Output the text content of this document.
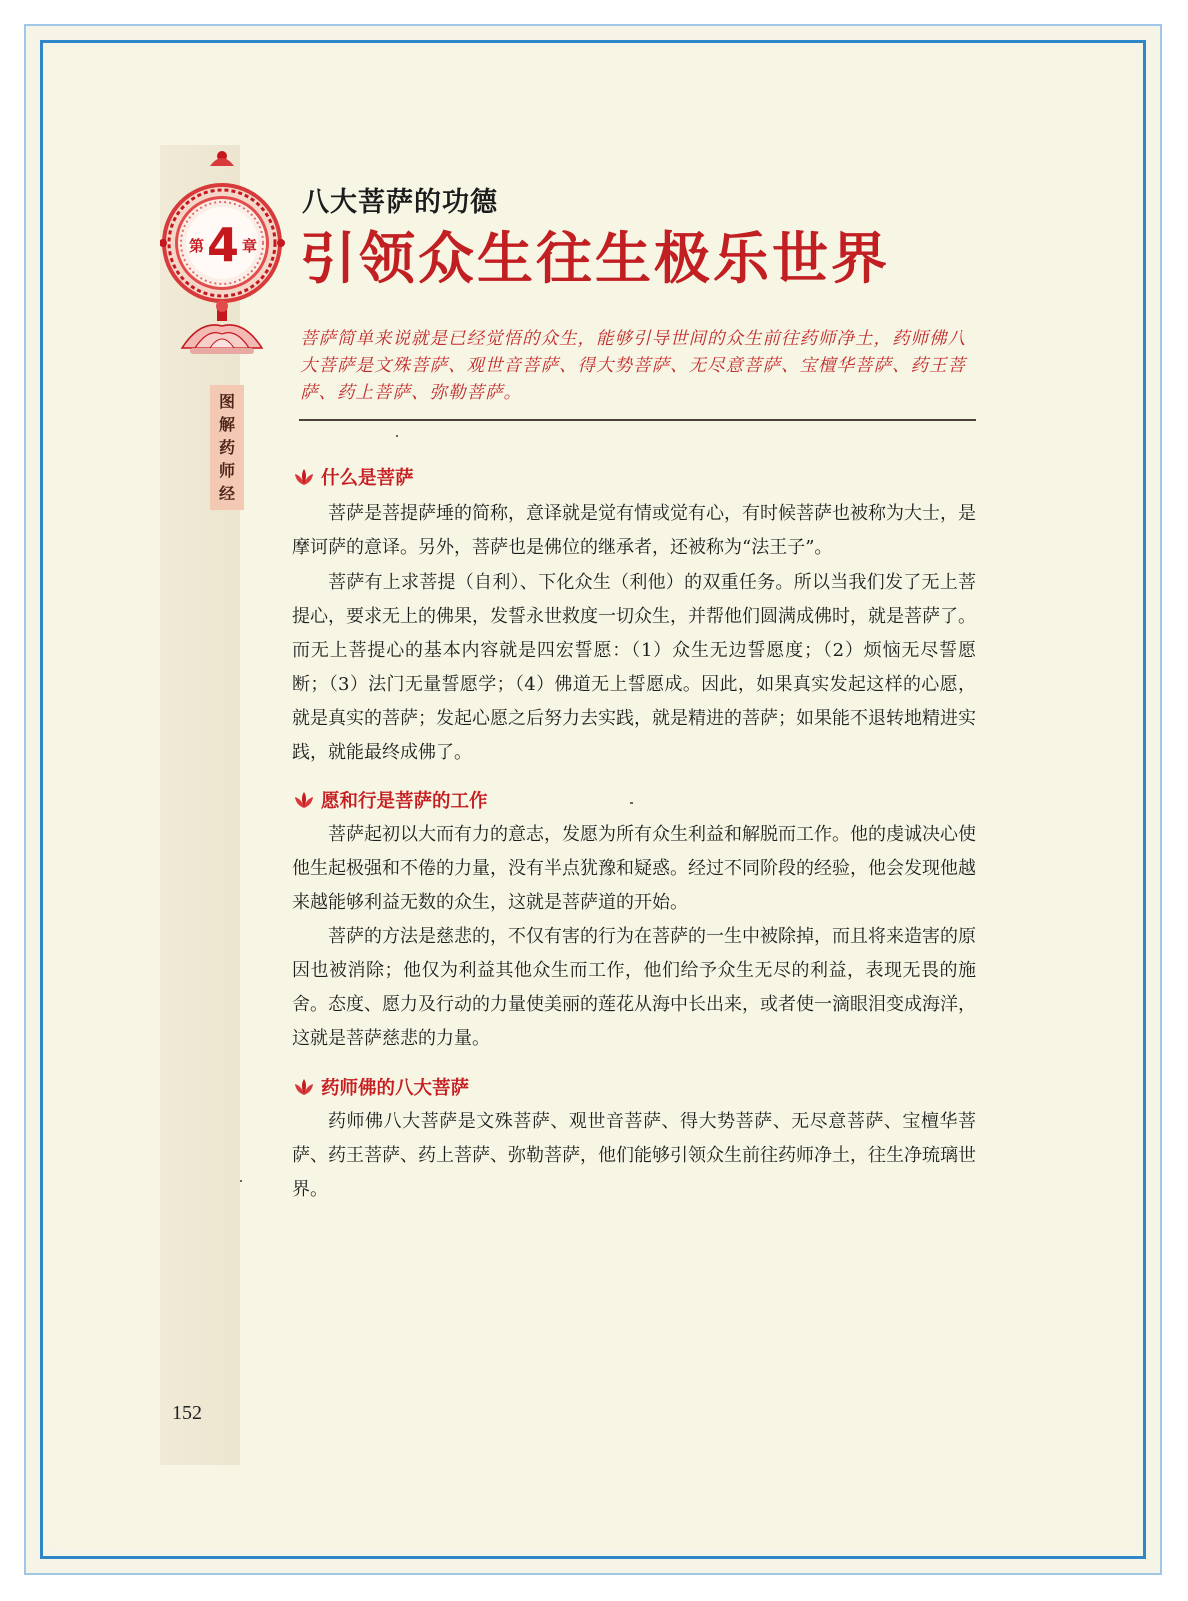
第 4 章
图
解
药
师
经
八大菩萨的功德
引领众生往生极乐世界
菩萨简单来说就是已经觉悟的众生，能够引导世间的众生前往药师净土，药师佛八大菩萨是文殊菩萨、观世音菩萨、得大势菩萨、无尽意菩萨、宝檀华菩萨、药王菩萨、药上菩萨、弥勒菩萨。
什么是菩萨

菩萨是菩提萨埵的简称，意译就是觉有情或觉有心，有时候菩萨也被称为大士，是摩诃萨的意译。另外，菩萨也是佛位的继承者，还被称为“法王子”。

菩萨有上求菩提（自利）、下化众生（利他）的双重任务。所以当我们发了无上菩提心，要求无上的佛果，发誓永世救度一切众生，并帮他们圆满成佛时，就是菩萨了。而无上菩提心的基本内容就是四宏誓愿：（1）众生无边誓愿度；（2）烦恼无尽誓愿断；（3）法门无量誓愿学；（4）佛道无上誓愿成。因此，如果真实发起这样的心愿，就是真实的菩萨；发起心愿之后努力去实践，就是精进的菩萨；如果能不退转地精进实践，就能最终成佛了。

愿和行是菩萨的工作

菩萨起初以大而有力的意志，发愿为所有众生利益和解脱而工作。他的虔诚决心使他生起极强和不倦的力量，没有半点犹豫和疑惑。经过不同阶段的经验，他会发现他越来越能够利益无数的众生，这就是菩萨道的开始。

菩萨的方法是慈悲的，不仅有害的行为在菩萨的一生中被除掉，而且将来造害的原因也被消除；他仅为利益其他众生而工作，他们给予众生无尽的利益，表现无畏的施舍。态度、愿力及行动的力量使美丽的莲花从海中长出来，或者使一滴眼泪变成海洋，这就是菩萨慈悲的力量。

药师佛的八大菩萨

药师佛八大菩萨是文殊菩萨、观世音菩萨、得大势菩萨、无尽意菩萨、宝檀华菩萨、药王菩萨、药上菩萨、弥勒菩萨，他们能够引领众生前往药师净土，往生净琉璃世界。

152
